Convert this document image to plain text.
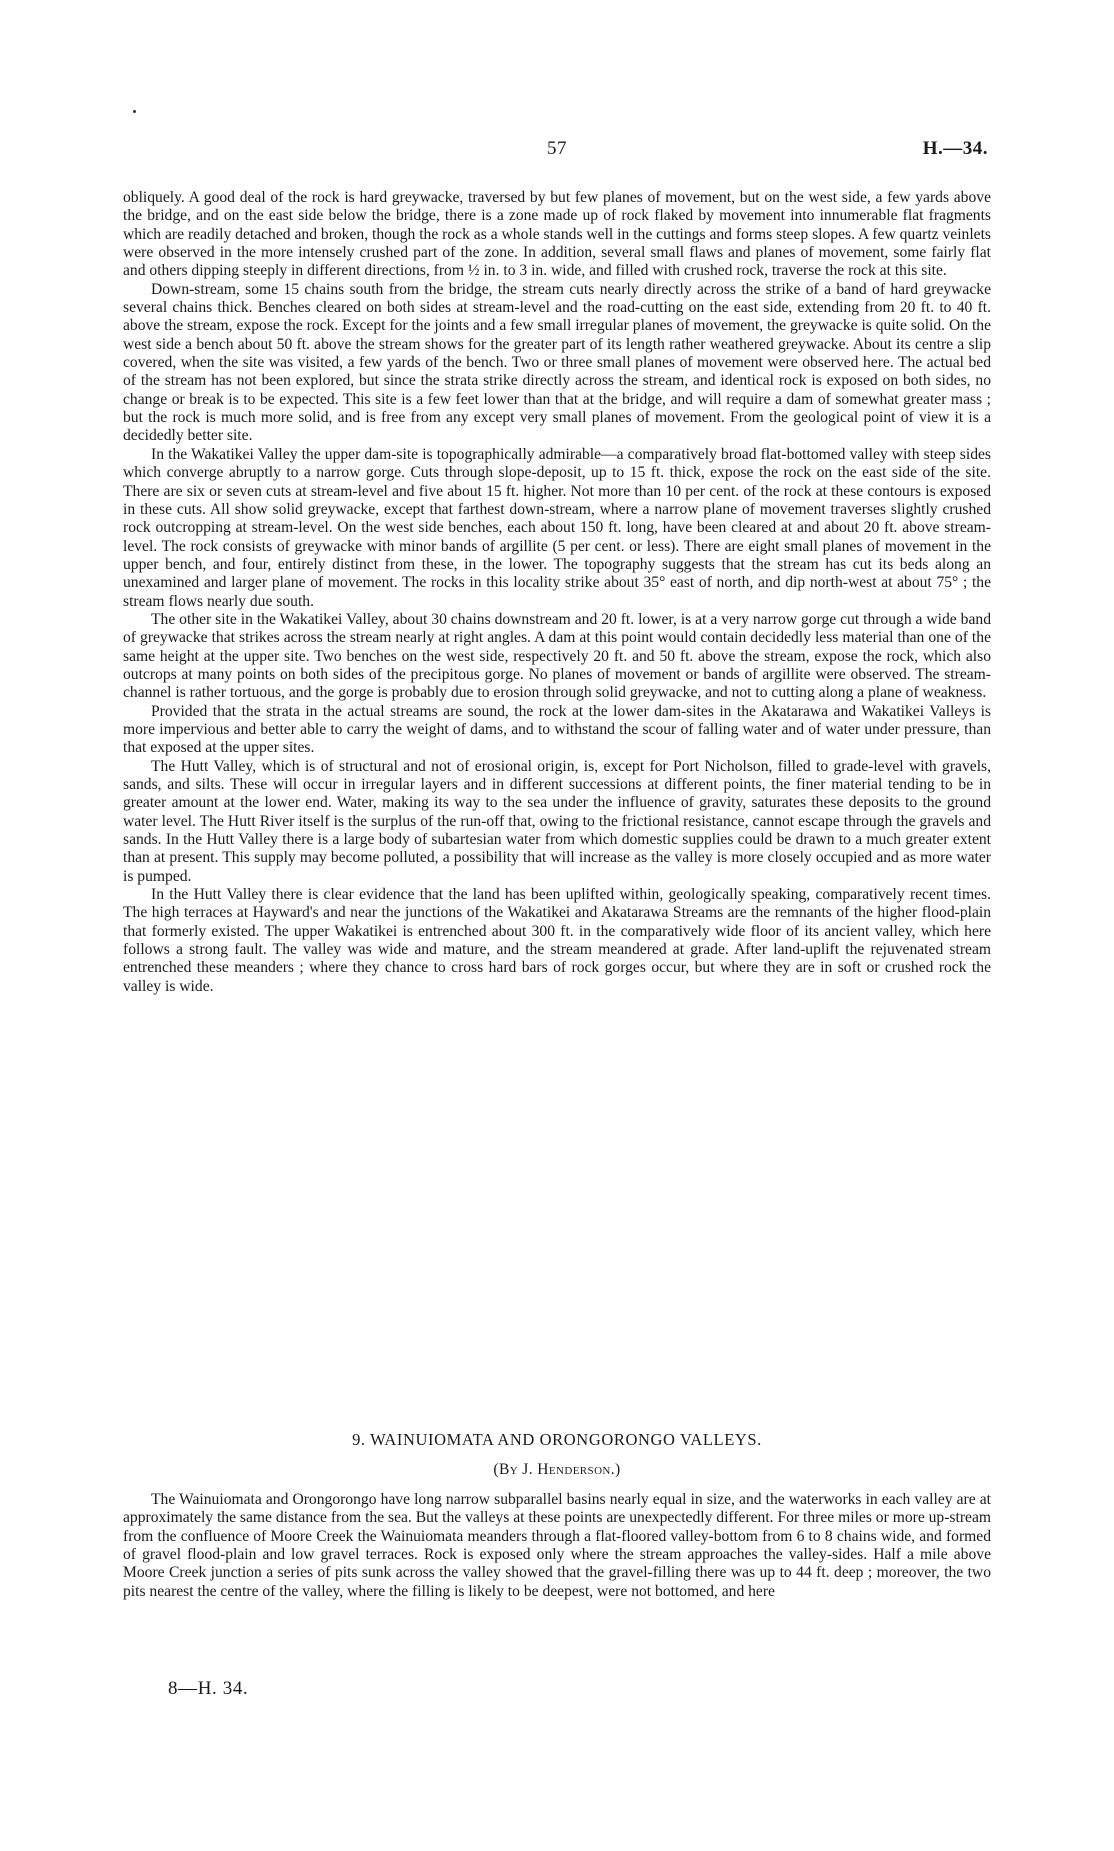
57	H.—34.

obliquely. A good deal of the rock is hard greywacke, traversed by but few planes of movement, but on the west side, a few yards above the bridge, and on the east side below the bridge, there is a zone made up of rock flaked by movement into innumerable flat fragments which are readily detached and broken, though the rock as a whole stands well in the cuttings and forms steep slopes. A few quartz veinlets were observed in the more intensely crushed part of the zone. In addition, several small flaws and planes of movement, some fairly flat and others dipping steeply in different directions, from ½ in. to 3 in. wide, and filled with crushed rock, traverse the rock at this site.

Down-stream, some 15 chains south from the bridge, the stream cuts nearly directly across the strike of a band of hard greywacke several chains thick. Benches cleared on both sides at stream-level and the road-cutting on the east side, extending from 20 ft. to 40 ft. above the stream, expose the rock. Except for the joints and a few small irregular planes of movement, the greywacke is quite solid. On the west side a bench about 50 ft. above the stream shows for the greater part of its length rather weathered greywacke. About its centre a slip covered, when the site was visited, a few yards of the bench. Two or three small planes of movement were observed here. The actual bed of the stream has not been explored, but since the strata strike directly across the stream, and identical rock is exposed on both sides, no change or break is to be expected. This site is a few feet lower than that at the bridge, and will require a dam of somewhat greater mass ; but the rock is much more solid, and is free from any except very small planes of movement. From the geological point of view it is a decidedly better site.

In the Wakatikei Valley the upper dam-site is topographically admirable—a comparatively broad flat-bottomed valley with steep sides which converge abruptly to a narrow gorge. Cuts through slope-deposit, up to 15 ft. thick, expose the rock on the east side of the site. There are six or seven cuts at stream-level and five about 15 ft. higher. Not more than 10 per cent. of the rock at these contours is exposed in these cuts. All show solid greywacke, except that farthest down-stream, where a narrow plane of movement traverses slightly crushed rock outcropping at stream-level. On the west side benches, each about 150 ft. long, have been cleared at and about 20 ft. above stream-level. The rock consists of greywacke with minor bands of argillite (5 per cent. or less). There are eight small planes of movement in the upper bench, and four, entirely distinct from these, in the lower. The topography suggests that the stream has cut its beds along an unexamined and larger plane of movement. The rocks in this locality strike about 35° east of north, and dip north-west at about 75° ; the stream flows nearly due south.

The other site in the Wakatikei Valley, about 30 chains downstream and 20 ft. lower, is at a very narrow gorge cut through a wide band of greywacke that strikes across the stream nearly at right angles. A dam at this point would contain decidedly less material than one of the same height at the upper site. Two benches on the west side, respectively 20 ft. and 50 ft. above the stream, expose the rock, which also outcrops at many points on both sides of the precipitous gorge. No planes of movement or bands of argillite were observed. The stream-channel is rather tortuous, and the gorge is probably due to erosion through solid greywacke, and not to cutting along a plane of weakness.

Provided that the strata in the actual streams are sound, the rock at the lower dam-sites in the Akatarawa and Wakatikei Valleys is more impervious and better able to carry the weight of dams, and to withstand the scour of falling water and of water under pressure, than that exposed at the upper sites.

The Hutt Valley, which is of structural and not of erosional origin, is, except for Port Nicholson, filled to grade-level with gravels, sands, and silts. These will occur in irregular layers and in different successions at different points, the finer material tending to be in greater amount at the lower end. Water, making its way to the sea under the influence of gravity, saturates these deposits to the ground water level. The Hutt River itself is the surplus of the run-off that, owing to the frictional resistance, cannot escape through the gravels and sands. In the Hutt Valley there is a large body of subartesian water from which domestic supplies could be drawn to a much greater extent than at present. This supply may become polluted, a possibility that will increase as the valley is more closely occupied and as more water is pumped.

In the Hutt Valley there is clear evidence that the land has been uplifted within, geologically speaking, comparatively recent times. The high terraces at Hayward's and near the junctions of the Wakatikei and Akatarawa Streams are the remnants of the higher flood-plain that formerly existed. The upper Wakatikei is entrenched about 300 ft. in the comparatively wide floor of its ancient valley, which here follows a strong fault. The valley was wide and mature, and the stream meandered at grade. After land-uplift the rejuvenated stream entrenched these meanders ; where they chance to cross hard bars of rock gorges occur, but where they are in soft or crushed rock the valley is wide.

9. WAINUIOMATA AND ORONGORONGO VALLEYS.
(By J. Henderson.)

The Wainuiomata and Orongorongo have long narrow subparallel basins nearly equal in size, and the waterworks in each valley are at approximately the same distance from the sea. But the valleys at these points are unexpectedly different. For three miles or more up-stream from the confluence of Moore Creek the Wainuiomata meanders through a flat-floored valley-bottom from 6 to 8 chains wide, and formed of gravel flood-plain and low gravel terraces. Rock is exposed only where the stream approaches the valley-sides. Half a mile above Moore Creek junction a series of pits sunk across the valley showed that the gravel-filling there was up to 44 ft. deep ; moreover, the two pits nearest the centre of the valley, where the filling is likely to be deepest, were not bottomed, and here

8—H. 34.
